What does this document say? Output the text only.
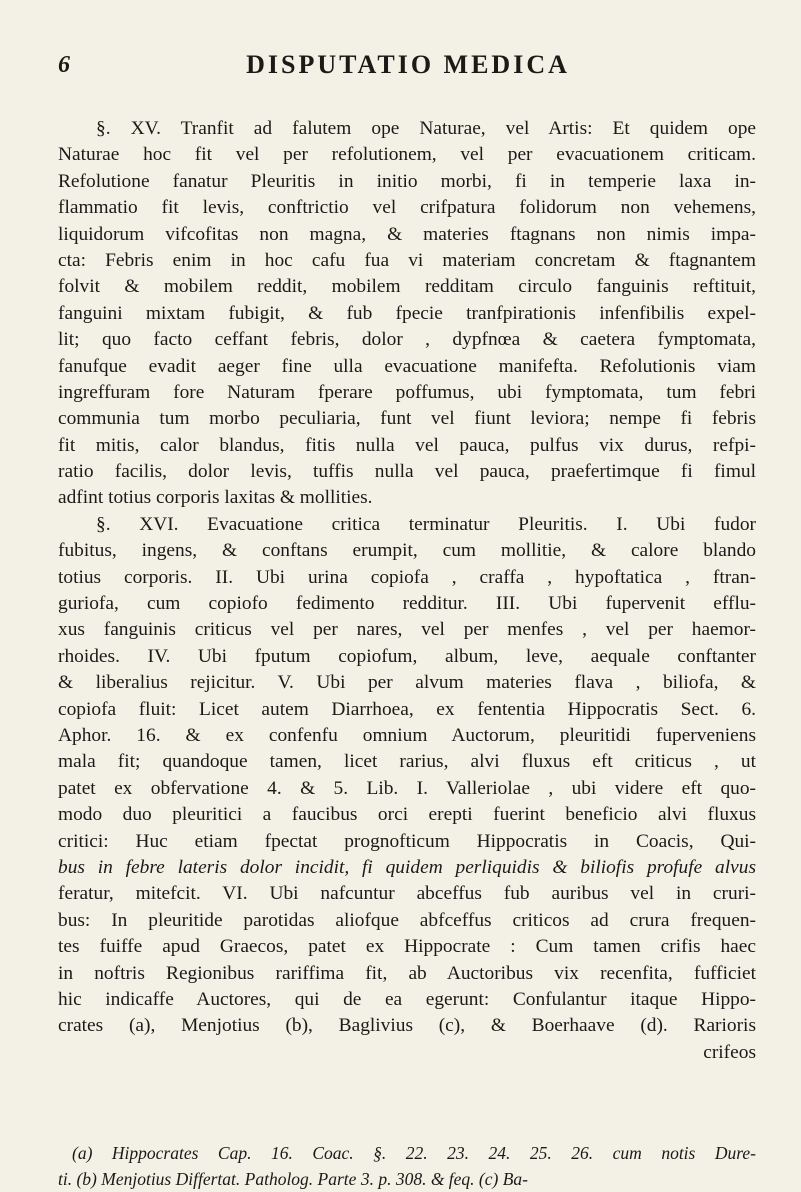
6	DISPUTATIO MEDICA
§. XV. Tranfit ad falutem ope Naturae, vel Artis: Et quidem ope
Naturae hoc fit vel per refolutionem, vel per evacuationem criticam.
Refolutione fanatur Pleuritis in initio morbi, fi in temperie laxa in-
flammatio fit levis, conftrictio vel crifpatura folidorum non vehemens,
liquidorum vifcofitas non magna, & materies ftagnans non nimis impa-
cta: Febris enim in hoc cafu fua vi materiam concretam & ftagnantem
folvit & mobilem reddit, mobilem redditam circulo fanguinis reftituit,
fanguini mixtam fubigit, & fub fpecie tranfpirationis infenfibilis expel-
lit; quo facto ceffant febris, dolor , dypfnœa & caetera fymptomata,
fanufque evadit aeger fine ulla evacuatione manifefta. Refolutionis viam
ingreffuram fore Naturam fperare poffumus, ubi fymptomata, tum febri
communia tum morbo peculiaria, funt vel fiunt leviora; nempe fi febris
fit mitis, calor blandus, fitis nulla vel pauca, pulfus vix durus, refpi-
ratio facilis, dolor levis, tuffis nulla vel pauca, praefertimque fi fimul
adfint totius corporis laxitas & mollities.
§. XVI. Evacuatione critica terminatur Pleuritis. I. Ubi fudor
fubitus, ingens, & conftans erumpit, cum mollitie, & calore blando
totius corporis. II. Ubi urina copiofa , craffa , hypoftatica , ftran-
guriofa, cum copiofo fedimento redditur. III. Ubi fupervenit efflu-
xus fanguinis criticus vel per nares, vel per menfes , vel per haemor-
rhoides. IV. Ubi fputum copiofum, album, leve, aequale conftanter
& liberalius rejicitur. V. Ubi per alvum materies flava , biliofa, &
copiofa fluit: Licet autem Diarrhoea, ex fententia Hippocratis Sect. 6.
Aphor. 16. & ex confenfu omnium Auctorum, pleuritidi fuperveniens
mala fit; quandoque tamen, licet rarius, alvi fluxus eft criticus , ut
patet ex obfervatione 4. & 5. Lib. I. Valleriolae , ubi videre eft quo-
modo duo pleuritici a faucibus orci erepti fuerint beneficio alvi fluxus
critici: Huc etiam fpectat prognofticum Hippocratis in Coacis, Qui-
bus in febre lateris dolor incidit, fi quidem perliquidis & biliofis profufe alvus
feratur, mitefcit. VI. Ubi nafcuntur abceffus fub auribus vel in cruri-
bus: In pleuritide parotidas aliofque abfceffus criticos ad crura frequen-
tes fuiffe apud Graecos, patet ex Hippocrate : Cum tamen crifis haec
in noftris Regionibus rariffima fit, ab Auctoribus vix recenfita, fufficiet
hic indicaffe Auctores, qui de ea egerunt: Confulantur itaque Hippo-
crates (a), Menjotius (b), Baglivius (c), & Boerhaave (d). Rarioris
crifeos
(a) Hippocrates Cap. 16. Coac. §. 22. 23. 24. 25. 26. cum notis Dure-
ti. (b) Menjotius Differtat. Patholog. Parte 3. p. 308. & feq. (c) Ba-
